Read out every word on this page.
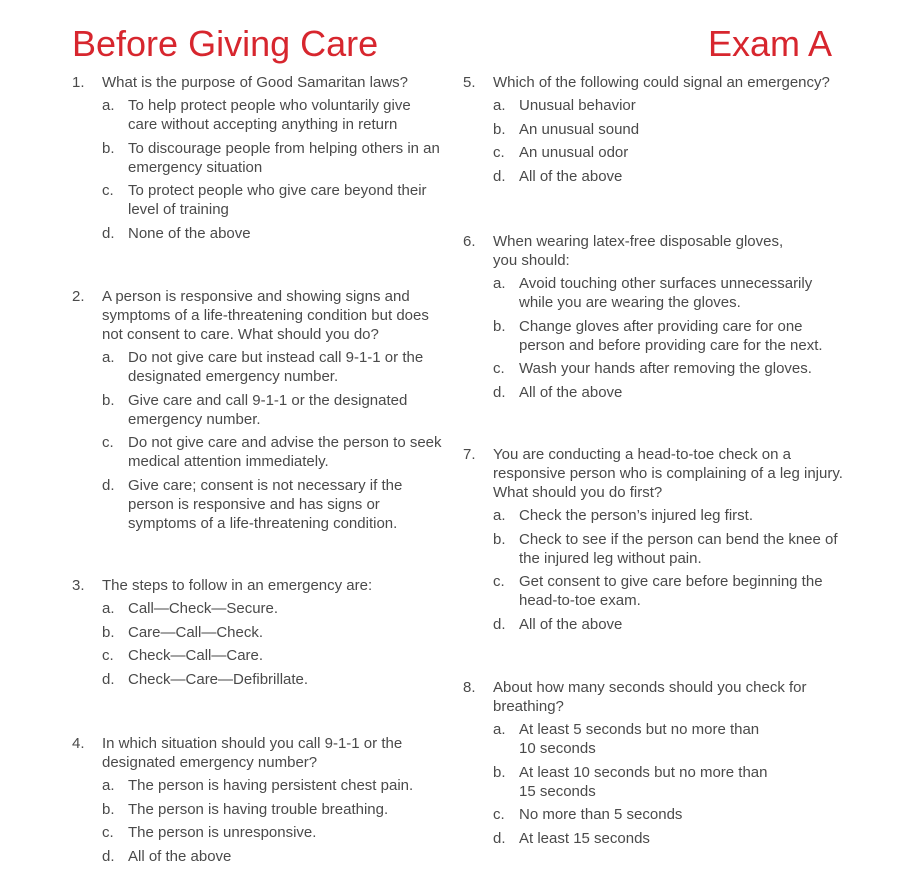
Before Giving Care	Exam A
1.	What is the purpose of Good Samaritan laws?
a. To help protect people who voluntarily give care without accepting anything in return
b. To discourage people from helping others in an emergency situation
c. To protect people who give care beyond their level of training
d. None of the above
2.	A person is responsive and showing signs and symptoms of a life-threatening condition but does not consent to care. What should you do?
a. Do not give care but instead call 9-1-1 or the designated emergency number.
b. Give care and call 9-1-1 or the designated emergency number.
c. Do not give care and advise the person to seek medical attention immediately.
d. Give care; consent is not necessary if the person is responsive and has signs or symptoms of a life-threatening condition.
3.	The steps to follow in an emergency are:
a. Call—Check—Secure.
b. Care—Call—Check.
c. Check—Call—Care.
d. Check—Care—Defibrillate.
4.	In which situation should you call 9-1-1 or the designated emergency number?
a. The person is having persistent chest pain.
b. The person is having trouble breathing.
c. The person is unresponsive.
d. All of the above
5.	Which of the following could signal an emergency?
a. Unusual behavior
b. An unusual sound
c. An unusual odor
d. All of the above
6.	When wearing latex-free disposable gloves, you should:
a. Avoid touching other surfaces unnecessarily while you are wearing the gloves.
b. Change gloves after providing care for one person and before providing care for the next.
c. Wash your hands after removing the gloves.
d. All of the above
7.	You are conducting a head-to-toe check on a responsive person who is complaining of a leg injury. What should you do first?
a. Check the person’s injured leg first.
b. Check to see if the person can bend the knee of the injured leg without pain.
c. Get consent to give care before beginning the head-to-toe exam.
d. All of the above
8.	About how many seconds should you check for breathing?
a. At least 5 seconds but no more than 10 seconds
b. At least 10 seconds but no more than 15 seconds
c. No more than 5 seconds
d. At least 15 seconds
